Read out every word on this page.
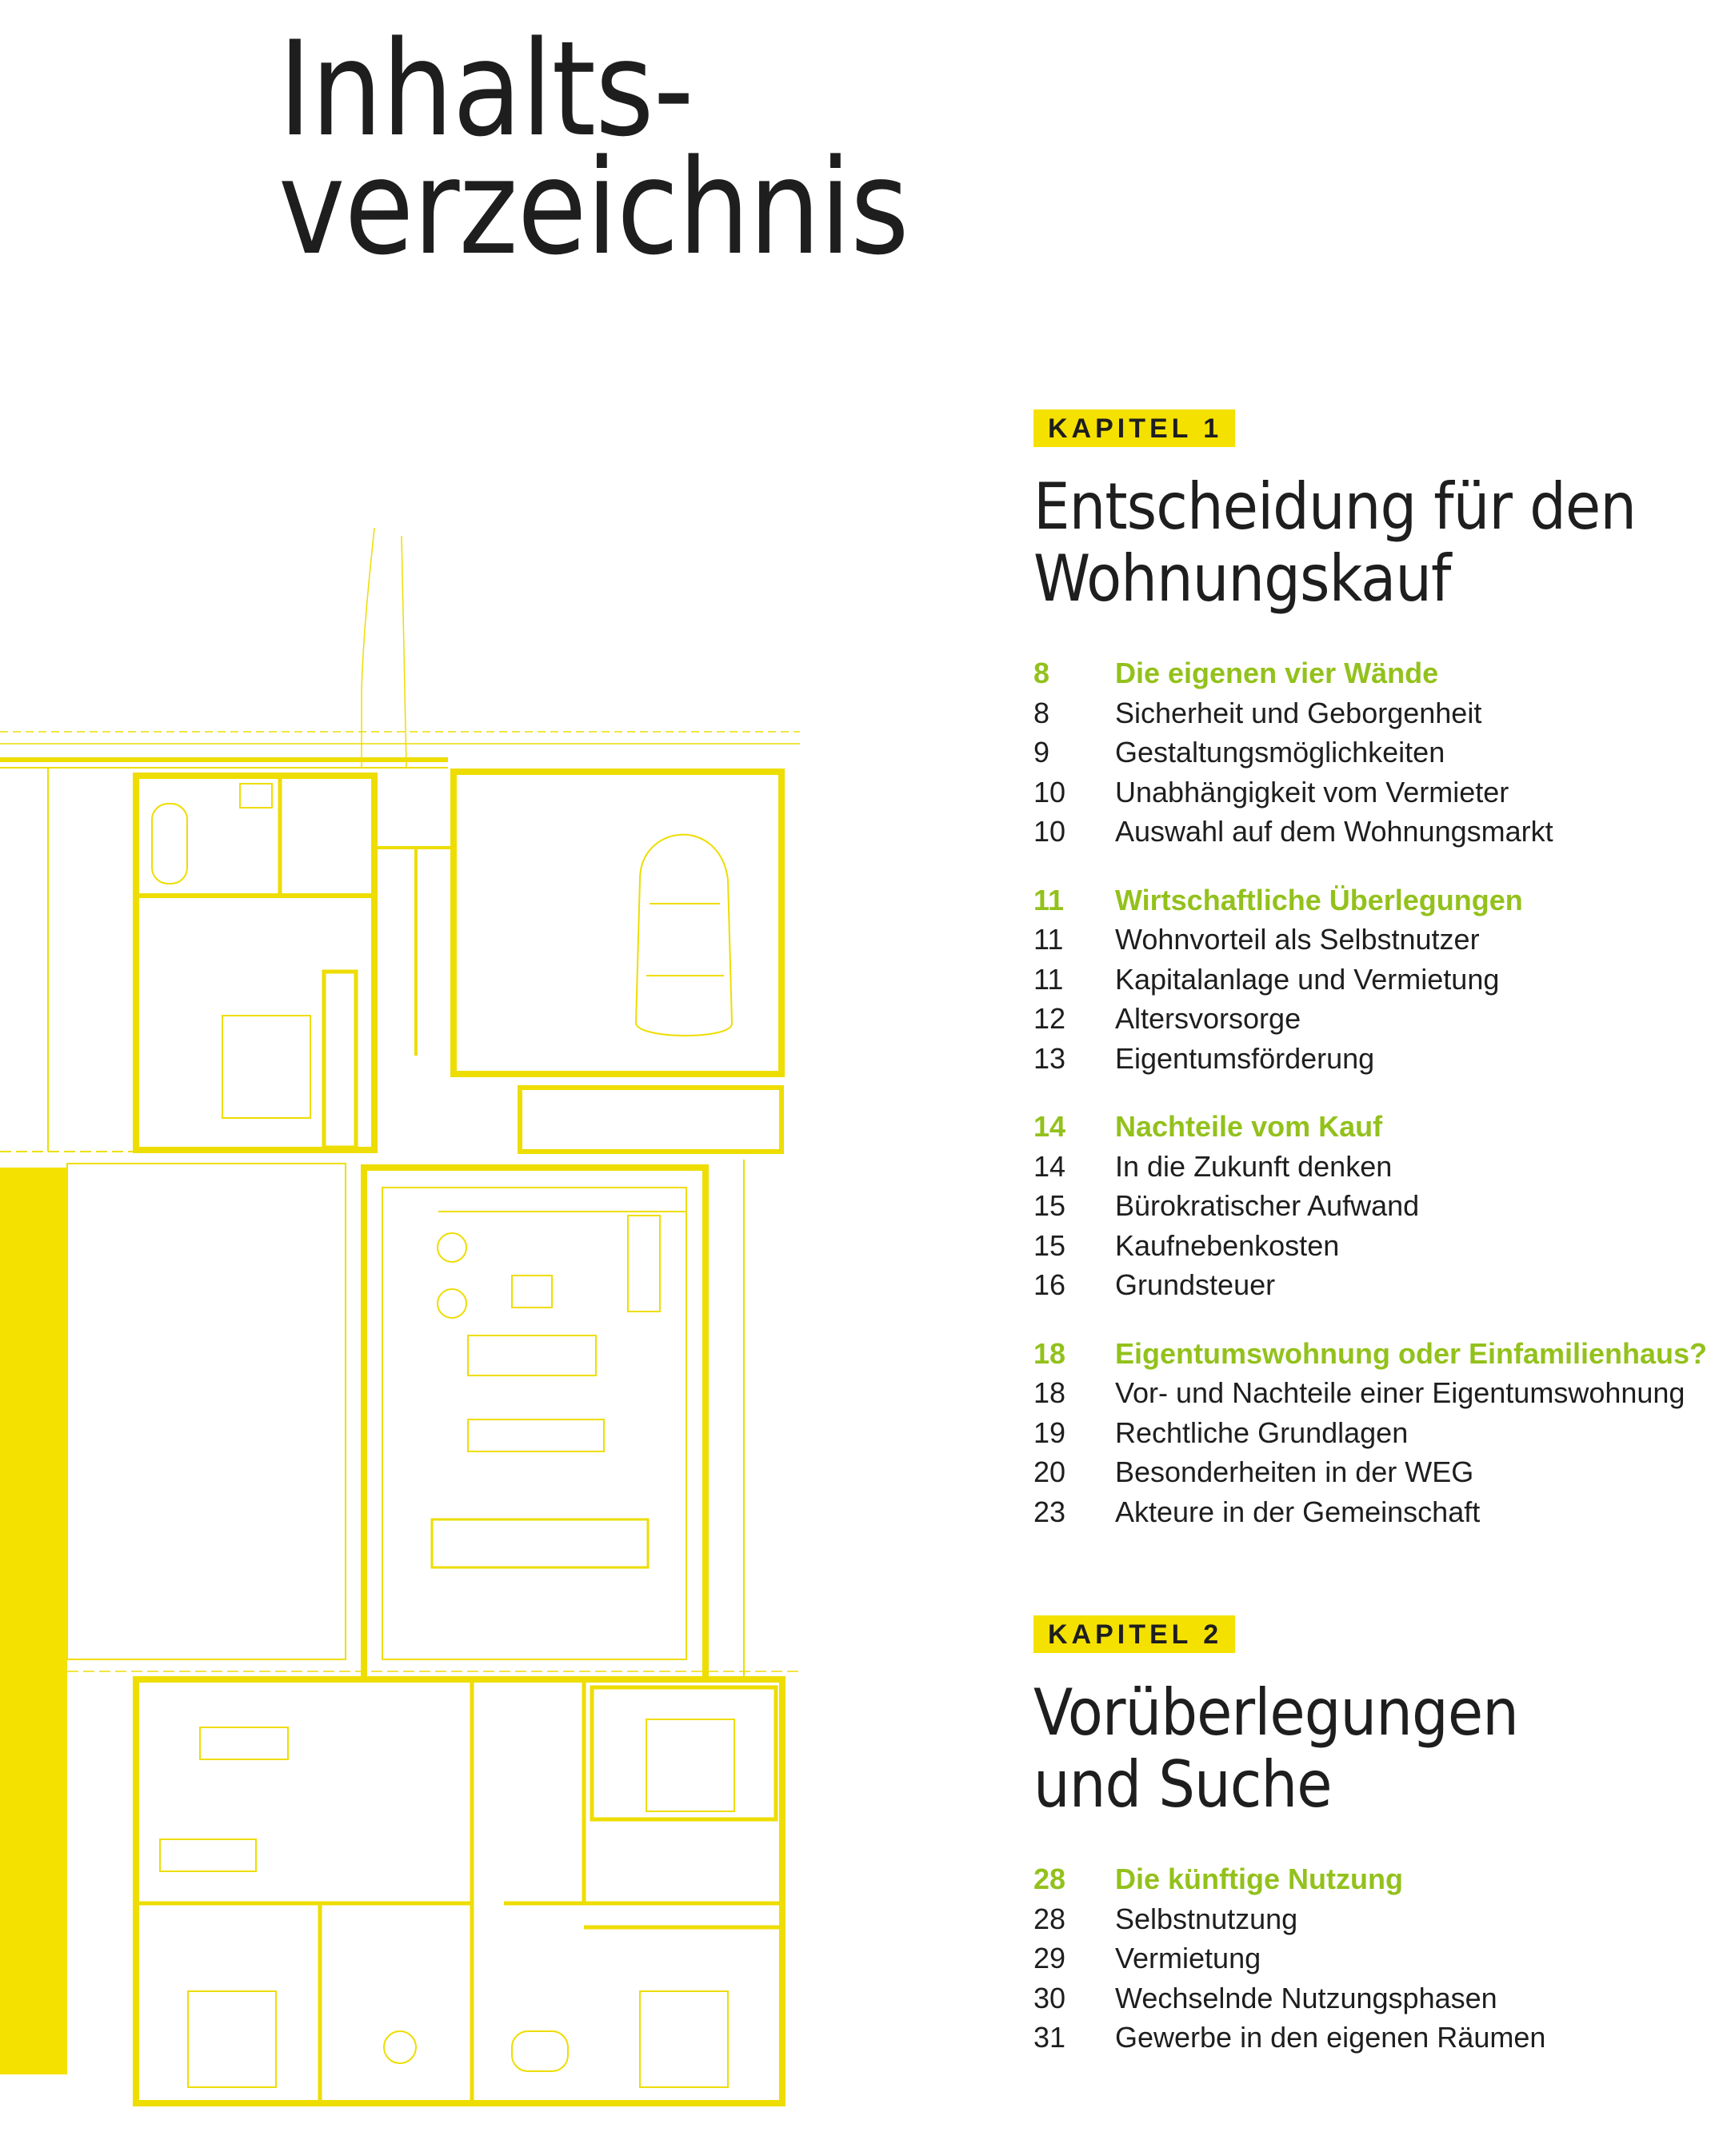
Inhalts-
verzeichnis
KAPITEL 1
Entscheidung für den
Wohnungskauf
8	Die eigenen vier Wände
8	Sicherheit und Geborgenheit
9	Gestaltungsmöglichkeiten
10	Unabhängigkeit vom Vermieter
10	Auswahl auf dem Wohnungsmarkt
11	Wirtschaftliche Überlegungen
11	Wohnvorteil als Selbstnutzer
11	Kapitalanlage und Vermietung
12	Altersvorsorge
13	Eigentumsförderung
14	Nachteile vom Kauf
14	In die Zukunft denken
15	Bürokratischer Aufwand
15	Kaufnebenkosten
16	Grundsteuer
18	Eigentumswohnung oder Einfamilienhaus?
18	Vor- und Nachteile einer Eigentumswohnung
19	Rechtliche Grundlagen
20	Besonderheiten in der WEG
23	Akteure in der Gemeinschaft
KAPITEL 2
Vorüberlegungen
und Suche
28	Die künftige Nutzung
28	Selbstnutzung
29	Vermietung
30	Wechselnde Nutzungsphasen
31	Gewerbe in den eigenen Räumen
